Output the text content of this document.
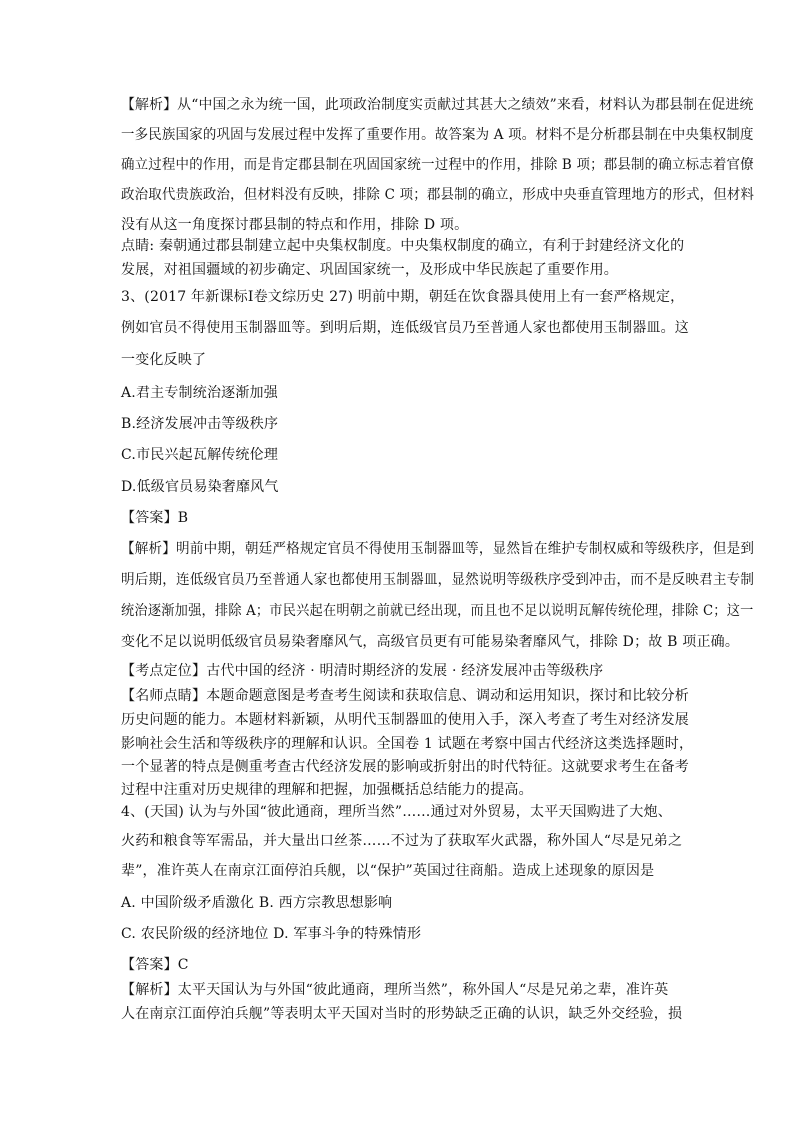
【解析】从“中国之永为统一国，此项政治制度实贡献过其甚大之绩效”来看，材料认为郡县制在促进统
一多民族国家的巩固与发展过程中发挥了重要作用。故答案为 A 项。材料不是分析郡县制在中央集权制度
确立过程中的作用，而是肯定郡县制在巩固国家统一过程中的作用，排除 B 项；郡县制的确立标志着官僚
政治取代贵族政治，但材料没有反映，排除 C 项；郡县制的确立，形成中央垂直管理地方的形式，但材料
没有从这一角度探讨郡县制的特点和作用，排除 D 项。
点睛: 秦朝通过郡县制建立起中央集权制度。中央集权制度的确立，有利于封建经济文化的
发展，对祖国疆域的初步确定、巩固国家统一，及形成中华民族起了重要作用。
3、(2017 年新课标Ⅰ卷文综历史 27) 明前中期，朝廷在饮食器具使用上有一套严格规定，
例如官员不得使用玉制器皿等。到明后期，连低级官员乃至普通人家也都使用玉制器皿。这
一变化反映了
A.君主专制统治逐渐加强
B.经济发展冲击等级秩序
C.市民兴起瓦解传统伦理
D.低级官员易染奢靡风气
【答案】B
【解析】明前中期，朝廷严格规定官员不得使用玉制器皿等，显然旨在维护专制权威和等级秩序，但是到
明后期，连低级官员乃至普通人家也都使用玉制器皿，显然说明等级秩序受到冲击，而不是反映君主专制
统治逐渐加强，排除 A；市民兴起在明朝之前就已经出现，而且也不足以说明瓦解传统伦理，排除 C；这一
变化不足以说明低级官员易染奢靡风气，高级官员更有可能易染奢靡风气，排除 D；故 B 项正确。
【考点定位】古代中国的经济 · 明清时期经济的发展 · 经济发展冲击等级秩序
【名师点睛】本题命题意图是考查考生阅读和获取信息、调动和运用知识，探讨和比较分析
历史问题的能力。本题材料新颖，从明代玉制器皿的使用入手，深入考查了考生对经济发展
影响社会生活和等级秩序的理解和认识。全国卷 1 试题在考察中国古代经济这类选择题时，
一个显著的特点是侧重考查古代经济发展的影响或折射出的时代特征。这就要求考生在备考
过程中注重对历史规律的理解和把握，加强概括总结能力的提高。
4、(天国) 认为与外国“彼此通商，理所当然”……通过对外贸易，太平天国购进了大炮、
火药和粮食等军需品，并大量出口丝茶……不过为了获取军火武器，称外国人“尽是兄弟之
辈”，准许英人在南京江面停泊兵舰，以“保护”英国过往商船。造成上述现象的原因是
A. 中国阶级矛盾激化 B. 西方宗教思想影响
C. 农民阶级的经济地位 D. 军事斗争的特殊情形
【答案】C
【解析】太平天国认为与外国“彼此通商，理所当然”，称外国人“尽是兄弟之辈，准许英
人在南京江面停泊兵舰”等表明太平天国对当时的形势缺乏正确的认识，缺乏外交经验，损
